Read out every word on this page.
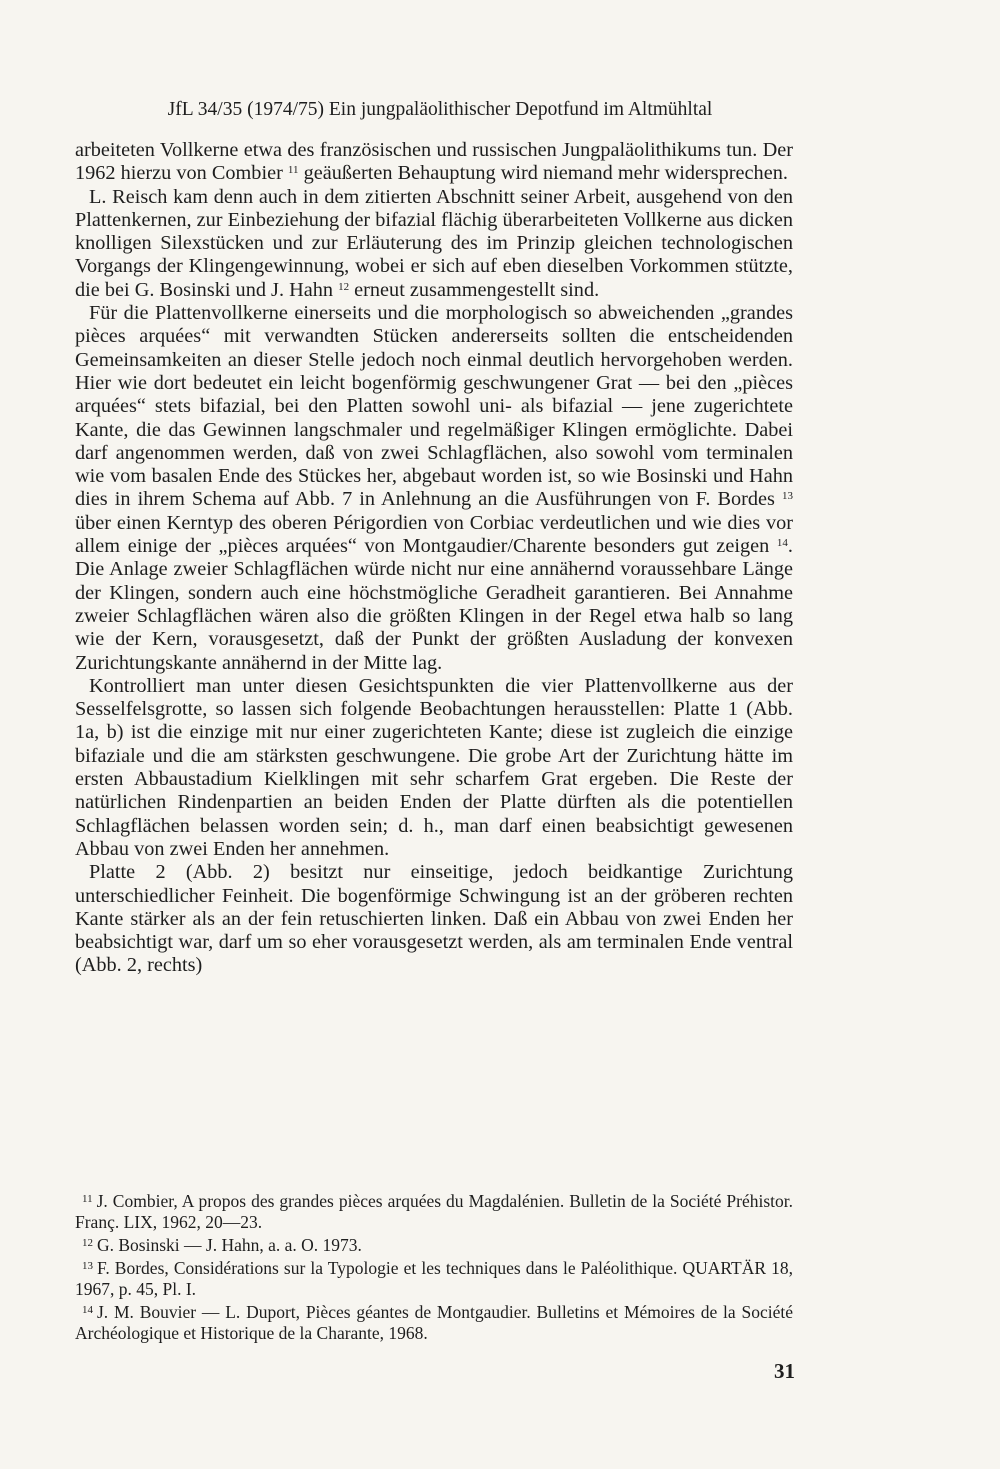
JfL 34/35 (1974/75) Ein jungpaläolithischer Depotfund im Altmühltal

arbeiteten Vollkerne etwa des französischen und russischen Jungpaläolithikums tun. Der 1962 hierzu von Combier $^{11}$ geäußerten Behauptung wird niemand mehr widersprechen.

L. Reisch kam denn auch in dem zitierten Abschnitt seiner Arbeit, ausgehend von den Plattenkernen, zur Einbeziehung der bifazial flächig überarbeiteten Vollkerne aus dicken knolligen Silexstücken und zur Erläuterung des im Prinzip gleichen technologischen Vorgangs der Klingengewinnung, wobei er sich auf eben dieselben Vorkommen stützte, die bei G. Bosinski und J. Hahn $^{12}$ erneut zusammengestellt sind.

Für die Plattenvollkerne einerseits und die morphologisch so abweichenden „grandes pièces arquées“ mit verwandten Stücken andererseits sollten die entscheidenden Gemeinsamkeiten an dieser Stelle jedoch noch einmal deutlich hervorgehoben werden. Hier wie dort bedeutet ein leicht bogenförmig geschwungener Grat — bei den „pièces arquées“ stets bifazial, bei den Platten sowohl uni- als bifazial — jene zugerichtete Kante, die das Gewinnen langschmaler und regelmäßiger Klingen ermöglichte. Dabei darf angenommen werden, daß von zwei Schlagflächen, also sowohl vom terminalen wie vom basalen Ende des Stückes her, abgebaut worden ist, so wie Bosinski und Hahn dies in ihrem Schema auf Abb. 7 in Anlehnung an die Ausführungen von F. Bordes $^{13}$ über einen Kerntyp des oberen Périgordien von Corbiac verdeutlichen und wie dies vor allem einige der „pièces arquées“ von Montgaudier/Charente besonders gut zeigen $^{14}$. Die Anlage zweier Schlagflächen würde nicht nur eine annähernd voraussehbare Länge der Klingen, sondern auch eine höchstmögliche Geradheit garantieren. Bei Annahme zweier Schlagflächen wären also die größten Klingen in der Regel etwa halb so lang wie der Kern, vorausgesetzt, daß der Punkt der größten Ausladung der konvexen Zurichtungskante annähernd in der Mitte lag.

Kontrolliert man unter diesen Gesichtspunkten die vier Plattenvollkerne aus der Sesselfelsgrotte, so lassen sich folgende Beobachtungen herausstellen: Platte 1 (Abb. 1a, b) ist die einzige mit nur einer zugerichteten Kante; diese ist zugleich die einzige bifaziale und die am stärksten geschwungene. Die grobe Art der Zurichtung hätte im ersten Abbaustadium Kielklingen mit sehr scharfem Grat ergeben. Die Reste der natürlichen Rindenpartien an beiden Enden der Platte dürften als die potentiellen Schlagflächen belassen worden sein; d. h., man darf einen beabsichtigt gewesenen Abbau von zwei Enden her annehmen.

Platte 2 (Abb. 2) besitzt nur einseitige, jedoch beidkantige Zurichtung unterschiedlicher Feinheit. Die bogenförmige Schwingung ist an der gröberen rechten Kante stärker als an der fein retuschierten linken. Daß ein Abbau von zwei Enden her beabsichtigt war, darf um so eher vorausgesetzt werden, als am terminalen Ende ventral (Abb. 2, rechts)

$^{11}$ J. Combier, A propos des grandes pièces arquées du Magdalénien. Bulletin de la Société Préhistor. Franç. LIX, 1962, 20—23.

$^{12}$ G. Bosinski — J. Hahn, a. a. O. 1973.

$^{13}$ F. Bordes, Considérations sur la Typologie et les techniques dans le Paléolithique. QUARTÄR 18, 1967, p. 45, Pl. I.

$^{14}$ J. M. Bouvier — L. Duport, Pièces géantes de Montgaudier. Bulletins et Mémoires de la Société Archéologique et Historique de la Charante, 1968.

31
